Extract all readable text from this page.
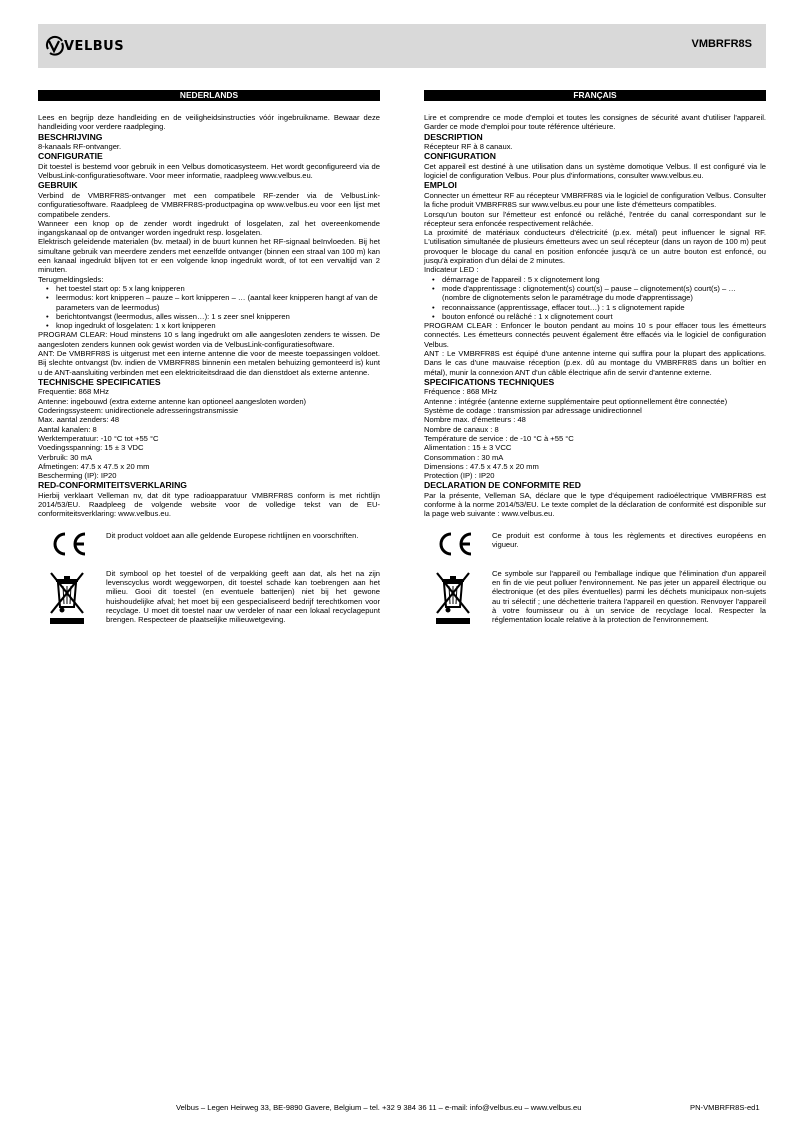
VELBUS	VMBRFR8S
NEDERLANDS

Lees en begrijp deze handleiding en de veiligheidsinstructies vóór ingebruikname. Bewaar deze handleiding voor verdere raadpleging.

BESCHRIJVING

8-kanaals RF-ontvanger.

CONFIGURATIE

Dit toestel is bestemd voor gebruik in een Velbus domoticasysteem. Het wordt geconfigureerd via de VelbusLink-configuratiesoftware. Voor meer informatie, raadpleeg www.velbus.eu.

GEBRUIK

Verbind de VMBRFR8S-ontvanger met een compatibele RF-zender via de VelbusLink-configuratiesoftware. Raadpleeg de VMBRFR8S-productpagina op www.velbus.eu voor een lijst met compatibele zenders.

Wanneer een knop op de zender wordt ingedrukt of losgelaten, zal het overeenkomende ingangskanaal op de ontvanger worden ingedrukt resp. losgelaten.

Elektrisch geleidende materialen (bv. metaal) in de buurt kunnen het RF-signaal beïnvloeden. Bij het simultane gebruik van meerdere zenders met eenzelfde ontvanger (binnen een straal van 100 m) kan een kanaal ingedrukt blijven tot er een volgende knop ingedrukt wordt, of tot een vervaltijd van 2 minuten.

Terugmeldingsleds:

• het toestel start op: 5 x lang knipperen
• leermodus: kort knipperen – pauze – kort knipperen – … (aantal keer knipperen hangt af van de parameters van de leermodus)
• berichtontvangst (leermodus, alles wissen…): 1 s zeer snel knipperen
• knop ingedrukt of losgelaten: 1 x kort knipperen

PROGRAM CLEAR: Houd minstens 10 s lang ingedrukt om alle aangesloten zenders te wissen. De aangesloten zenders kunnen ook gewist worden via de VelbusLink-configuratiesoftware.

ANT: De VMBRFR8S is uitgerust met een interne antenne die voor de meeste toepassingen voldoet. Bij slechte ontvangst (bv. indien de VMBRFR8S binnenin een metalen behuizing gemonteerd is) kunt u de ANT-aansluiting verbinden met een elektriciteitsdraad die dan dienstdoet als externe antenne.

TECHNISCHE SPECIFICATIES
Frequentie: 868 MHz
Antenne: ingebouwd (extra externe antenne kan optioneel aangesloten worden)
Coderingssysteem: unidirectionele adresseringstransmissie
Max. aantal zenders: 48
Aantal kanalen: 8
Werktemperatuur: -10 °C tot +55 °C
Voedingsspanning: 15 ± 3 VDC
Verbruik: 30 mA
Afmetingen: 47.5 x 47.5 x 20 mm
Bescherming (IP): IP20
RED-CONFORMITEITSVERKLARING

Hierbij verklaart Velleman nv, dat dit type radioapparatuur VMBRFR8S conform is met richtlijn 2014/53/EU. Raadpleeg de volgende website voor de volledige tekst van de EU-conformiteitsverklaring: www.velbus.eu.

Dit product voldoet aan alle geldende Europese richtlijnen en voorschriften.

Dit symbool op het toestel of de verpakking geeft aan dat, als het na zijn levenscyclus wordt weggeworpen, dit toestel schade kan toebrengen aan het milieu. Gooi dit toestel (en eventuele batterijen) niet bij het gewone huishoudelijke afval; het moet bij een gespecialiseerd bedrijf terechtkomen voor recyclage. U moet dit toestel naar uw verdeler of naar een lokaal recyclagepunt brengen. Respecteer de plaatselijke milieuwetgeving.

FRANÇAIS

Lire et comprendre ce mode d'emploi et toutes les consignes de sécurité avant d'utiliser l'appareil. Garder ce mode d'emploi pour toute référence ultérieure.

DESCRIPTION

Récepteur RF à 8 canaux.

CONFIGURATION

Cet appareil est destiné à une utilisation dans un système domotique Velbus. Il est configuré via le logiciel de configuration Velbus. Pour plus d'informations, consulter www.velbus.eu.

EMPLOI

Connecter un émetteur RF au récepteur VMBRFR8S via le logiciel de configuration Velbus. Consulter la fiche produit VMBRFR8S sur www.velbus.eu pour une liste d'émetteurs compatibles.

Lorsqu'un bouton sur l'émetteur est enfoncé ou relâché, l'entrée du canal correspondant sur le récepteur sera enfoncée respectivement relâchée.

La proximité de matériaux conducteurs d'électricité (p.ex. métal) peut influencer le signal RF. L'utilisation simultanée de plusieurs émetteurs avec un seul récepteur (dans un rayon de 100 m) peut provoquer le blocage du canal en position enfoncée jusqu'à ce un autre bouton est enfoncé, ou jusqu'à expiration d'un délai de 2 minutes.

Indicateur LED :

• démarrage de l'appareil : 5 x clignotement long
• mode d'apprentissage : clignotement(s) court(s) – pause – clignotement(s) court(s) – … (nombre de clignotements selon le paramétrage du mode d'apprentissage)
• reconnaissance (apprentissage, effacer tout…) : 1 s clignotement rapide
• bouton enfoncé ou relâché : 1 x clignotement court

PROGRAM CLEAR : Enfoncer le bouton pendant au moins 10 s pour effacer tous les émetteurs connectés. Les émetteurs connectés peuvent également être effacés via le logiciel de configuration Velbus.

ANT : Le VMBRFR8S est équipé d'une antenne interne qui suffira pour la plupart des applications. Dans le cas d'une mauvaise réception (p.ex. dû au montage du VMBRFR8S dans un boîtier en métal), munir la connexion ANT d'un câble électrique afin de servir d'antenne externe.

SPECIFICATIONS TECHNIQUES
Fréquence : 868 MHz

Antenne : intégrée (antenne externe supplémentaire peut optionnellement être connectée)

Système de codage : transmission par adressage unidirectionnel
Nombre max. d'émetteurs : 48
Nombre de canaux : 8
Température de service : de -10 °C à +55 °C
Alimentation : 15 ± 3 VCC
Consommation : 30 mA
Dimensions : 47.5 x 47.5 x 20 mm
Protection (IP) : IP20
DECLARATION DE CONFORMITE RED

Par la présente, Velleman SA, déclare que le type d'équipement radioélectrique VMBRFR8S est conforme à la norme 2014/53/EU. Le texte complet de la déclaration de conformité est disponible sur la page web suivante : www.velbus.eu.

Ce produit est conforme à tous les règlements et directives européens en vigueur.

Ce symbole sur l'appareil ou l'emballage indique que l'élimination d'un appareil en fin de vie peut polluer l'environnement. Ne pas jeter un appareil électrique ou électronique (et des piles éventuelles) parmi les déchets municipaux non-sujets au tri sélectif ; une déchetterie traitera l'appareil en question. Renvoyer l'appareil à votre fournisseur ou à un service de recyclage local. Respecter la réglementation locale relative à la protection de l'environnement.

Velbus – Legen Heirweg 33, BE-9890 Gavere, Belgium – tel. +32 9 384 36 11 – e-mail: info@velbus.eu – www.velbus.eu	PN-VMBRFR8S-ed1
